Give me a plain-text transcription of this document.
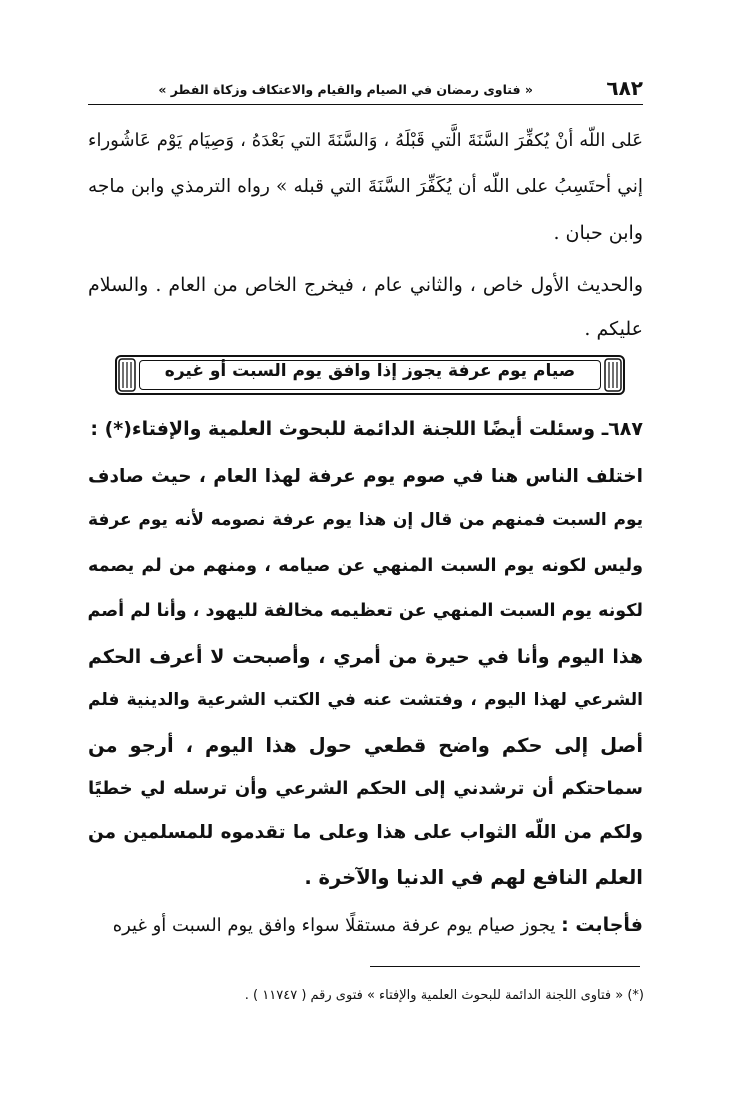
٦٨٢
« فتاوى رمضان في الصيام والقيام والاعتكاف وزكاة الفطر »
عَلى اللّه أنْ يُكفِّرَ السَّنَةَ الَّتي قَبْلَهُ ، وَالسَّنَةَ التي بَعْدَهُ ، وَصِيَام يَوْم عَاشُوراء
إني أحتَسِبُ على اللّه أن يُكَفِّرَ السَّنَةَ التي قبله » رواه الترمذي وابن ماجه
وابن حبان .
والحديث الأول خاص ، والثاني عام ، فيخرج الخاص من العام . والسلام
عليكم .
صيام يوم عرفة يجوز إذا وافق يوم السبت أو غيره
٦٨٧ـ وسئلت أيضًا اللجنة الدائمة للبحوث العلمية والإفتاء(*) :
اختلف الناس هنا في صوم يوم عرفة لهذا العام ، حيث صادف
يوم السبت فمنهم من قال إن هذا يوم عرفة نصومه لأنه يوم عرفة
وليس لكونه يوم السبت المنهي عن صيامه ، ومنهم من لم يصمه
لكونه يوم السبت المنهي عن تعظيمه مخالفة لليهود ، وأنا لم أصم
هذا اليوم وأنا في حيرة من أمري ، وأصبحت لا أعرف الحكم
الشرعي لهذا اليوم ، وفتشت عنه في الكتب الشرعية والدينية فلم
أصل إلى حكم واضح قطعي حول هذا اليوم ، أرجو من
سماحتكم أن ترشدني إلى الحكم الشرعي وأن ترسله لي خطيًا
ولكم من اللّه الثواب على هذا وعلى ما تقدموه للمسلمين من
العلم النافع لهم في الدنيا والآخرة .
فأجابت : يجوز صيام يوم عرفة مستقلًا سواء وافق يوم السبت أو غيره
(*) « فتاوى اللجنة الدائمة للبحوث العلمية والإفتاء » فتوى رقم ( ١١٧٤٧ ) .
